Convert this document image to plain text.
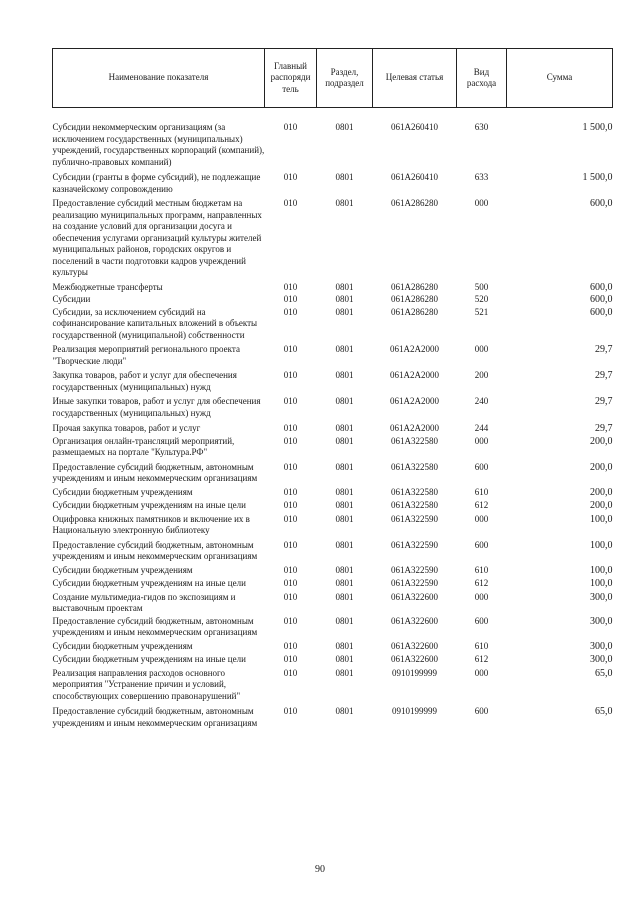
Наименование показателя	Главный распоряди тель	Раздел, подраздел	Целевая статья	Вид расхода	Сумма
Субсидии некоммерческим организациям (за исключением государственных (муниципальных) учреждений, государственных корпораций (компаний), публично-правовых компаний)	010	0801	061А260410	630	1 500,0
Субсидии (гранты в форме субсидий), не подлежащие казначейскому сопровождению	010	0801	061А260410	633	1 500,0
Предоставление субсидий местным бюджетам на реализацию муниципальных программ, направленных на создание условий для организации досуга и обеспечения услугами организаций культуры жителей муниципальных районов, городских округов и поселений в части подготовки кадров учреждений культуры	010	0801	061А286280	000	600,0
Межбюджетные трансферты	010	0801	061А286280	500	600,0
Субсидии	010	0801	061А286280	520	600,0
Субсидии, за исключением субсидий на софинансирование капитальных вложений в объекты государственной (муниципальной) собственности	010	0801	061А286280	521	600,0
Реализация мероприятий регионального проекта "Творческие люди"	010	0801	061А2А2000	000	29,7
Закупка товаров, работ и услуг для обеспечения государственных (муниципальных) нужд	010	0801	061А2А2000	200	29,7
Иные закупки товаров, работ и услуг для обеспечения государственных (муниципальных) нужд	010	0801	061А2А2000	240	29,7
Прочая закупка товаров, работ и услуг	010	0801	061А2А2000	244	29,7
Организация онлайн-трансляций мероприятий, размещаемых на портале "Культура.РФ"	010	0801	061А322580	000	200,0
Предоставление субсидий бюджетным, автономным учреждениям и иным некоммерческим организациям	010	0801	061А322580	600	200,0
Субсидии бюджетным учреждениям	010	0801	061А322580	610	200,0
Субсидии бюджетным учреждениям на иные цели	010	0801	061А322580	612	200,0
Оцифровка книжных памятников и включение их в Национальную электронную библиотеку	010	0801	061А322590	000	100,0
Предоставление субсидий бюджетным, автономным учреждениям и иным некоммерческим организациям	010	0801	061А322590	600	100,0
Субсидии бюджетным учреждениям	010	0801	061А322590	610	100,0
Субсидии бюджетным учреждениям на иные цели	010	0801	061А322590	612	100,0
Создание мультимедиа-гидов по экспозициям и выставочным проектам	010	0801	061А322600	000	300,0
Предоставление субсидий бюджетным, автономным учреждениям и иным некоммерческим организациям	010	0801	061А322600	600	300,0
Субсидии бюджетным учреждениям	010	0801	061А322600	610	300,0
Субсидии бюджетным учреждениям на иные цели	010	0801	061А322600	612	300,0
Реализация направления расходов основного мероприятия "Устранение причин и условий, способствующих совершению правонарушений"	010	0801	0910199999	000	65,0
Предоставление субсидий бюджетным, автономным учреждениям и иным некоммерческим организациям	010	0801	0910199999	600	65,0
90
